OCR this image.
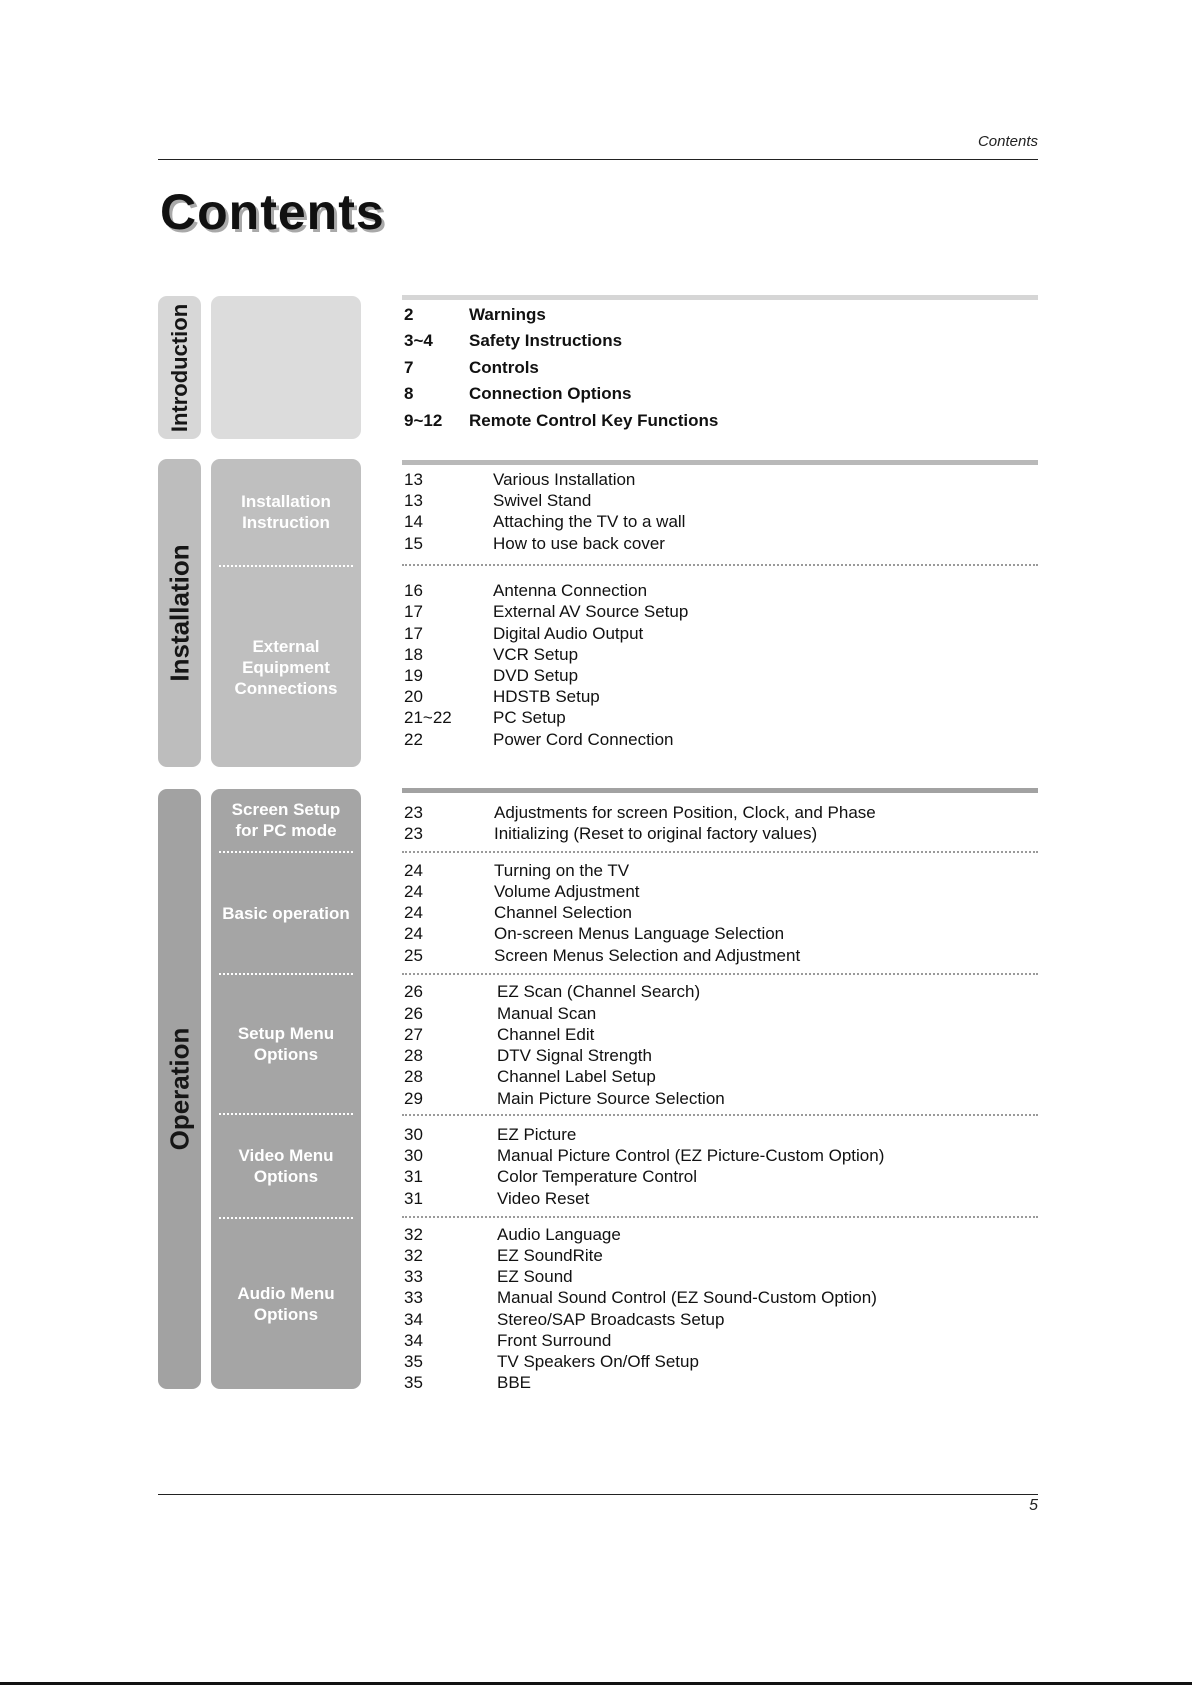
Contents
Contents
Introduction
Installation
Operation
Installation
Instruction
External
Equipment
Connections
Screen Setup
for PC mode
Basic operation
Setup Menu
Options
Video Menu
Options
Audio Menu
Options
2	Warnings
3~4 Safety Instructions
7	Controls
8	Connection Options
9~12 Remote Control Key Functions
13	Various Installation
13	Swivel Stand
14	Attaching the TV to a wall
15	How to use back cover
16	Antenna Connection
17	External AV Source Setup
17	Digital Audio Output
18	VCR Setup
19	DVD Setup
20	HDSTB Setup
21~22 PC Setup
22	Power Cord Connection
23	Adjustments for screen Position, Clock, and Phase
23	Initializing (Reset to original factory values)
24	Turning on the TV
24	Volume Adjustment
24	Channel Selection
24	On-screen Menus Language Selection
25	Screen Menus Selection and Adjustment
26	EZ Scan (Channel Search)
26	Manual Scan
27	Channel Edit
28	DTV Signal Strength
28	Channel Label Setup
29	Main Picture Source Selection
30	EZ Picture
30	Manual Picture Control (EZ Picture-Custom Option)
31	Color Temperature Control
31	Video Reset
32	Audio Language
32	EZ SoundRite
33	EZ Sound
33	Manual Sound Control (EZ Sound-Custom Option)
34	Stereo/SAP Broadcasts Setup
34	Front Surround
35	TV Speakers On/Off Setup
35	BBE
5
